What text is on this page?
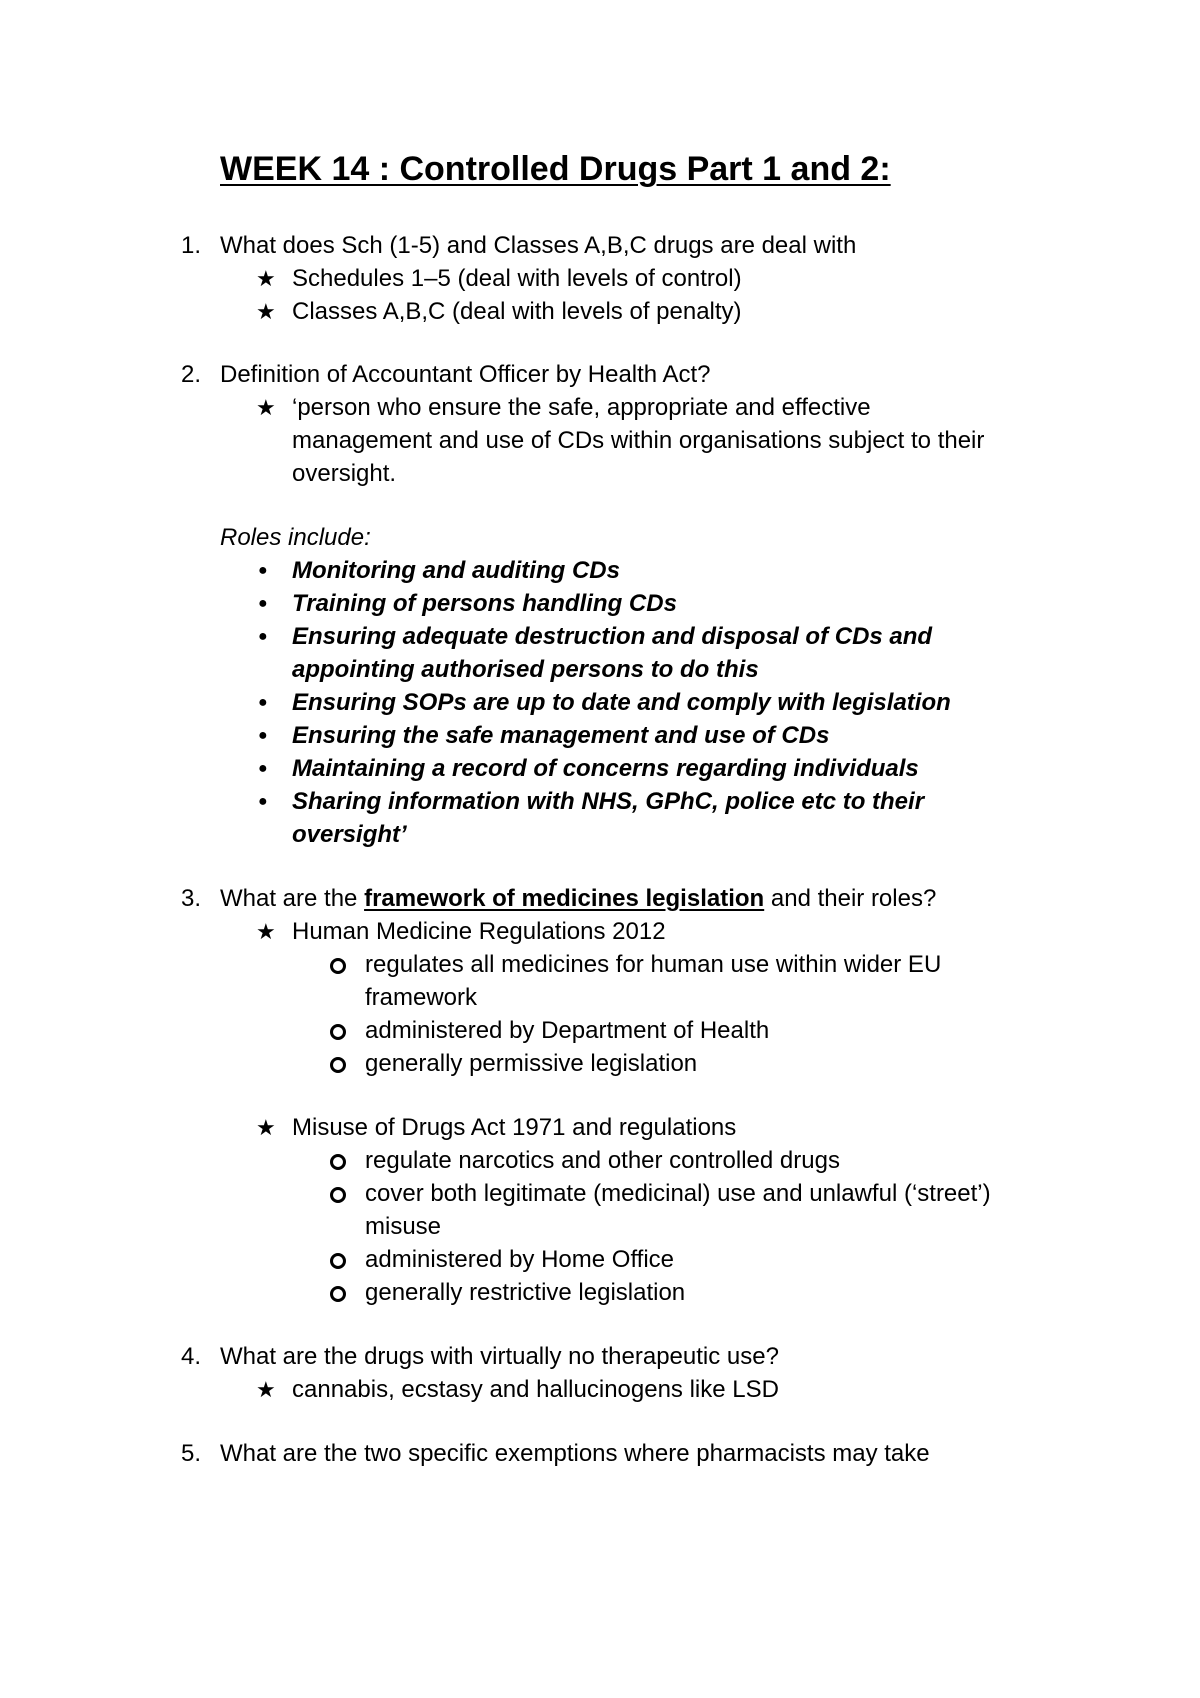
WEEK 14 : Controlled Drugs Part 1 and 2:
1. What does Sch (1-5) and Classes A,B,C drugs are deal with
★ Schedules 1–5 (deal with levels of control)
★ Classes A,B,C (deal with levels of penalty)
2. Definition of Accountant Officer by Health Act?
★ ‘person who ensure the safe, appropriate and effective
management and use of CDs within organisations subject to their
oversight.
Roles include:
● Monitoring and auditing CDs
● Training of persons handling CDs
● Ensuring adequate destruction and disposal of CDs and
appointing authorised persons to do this
● Ensuring SOPs are up to date and comply with legislation
● Ensuring the safe management and use of CDs
● Maintaining a record of concerns regarding individuals
● Sharing information with NHS, GPhC, police etc to their
oversight’
3. What are the framework of medicines legislation and their roles?
★ Human Medicine Regulations 2012
regulates all medicines for human use within wider EU
framework
administered by Department of Health
generally permissive legislation
★ Misuse of Drugs Act 1971 and regulations
regulate narcotics and other controlled drugs
cover both legitimate (medicinal) use and unlawful (‘street’)
misuse
administered by Home Office
generally restrictive legislation
4. What are the drugs with virtually no therapeutic use?
★ cannabis, ecstasy and hallucinogens like LSD
5. What are the two specific exemptions where pharmacists may take
